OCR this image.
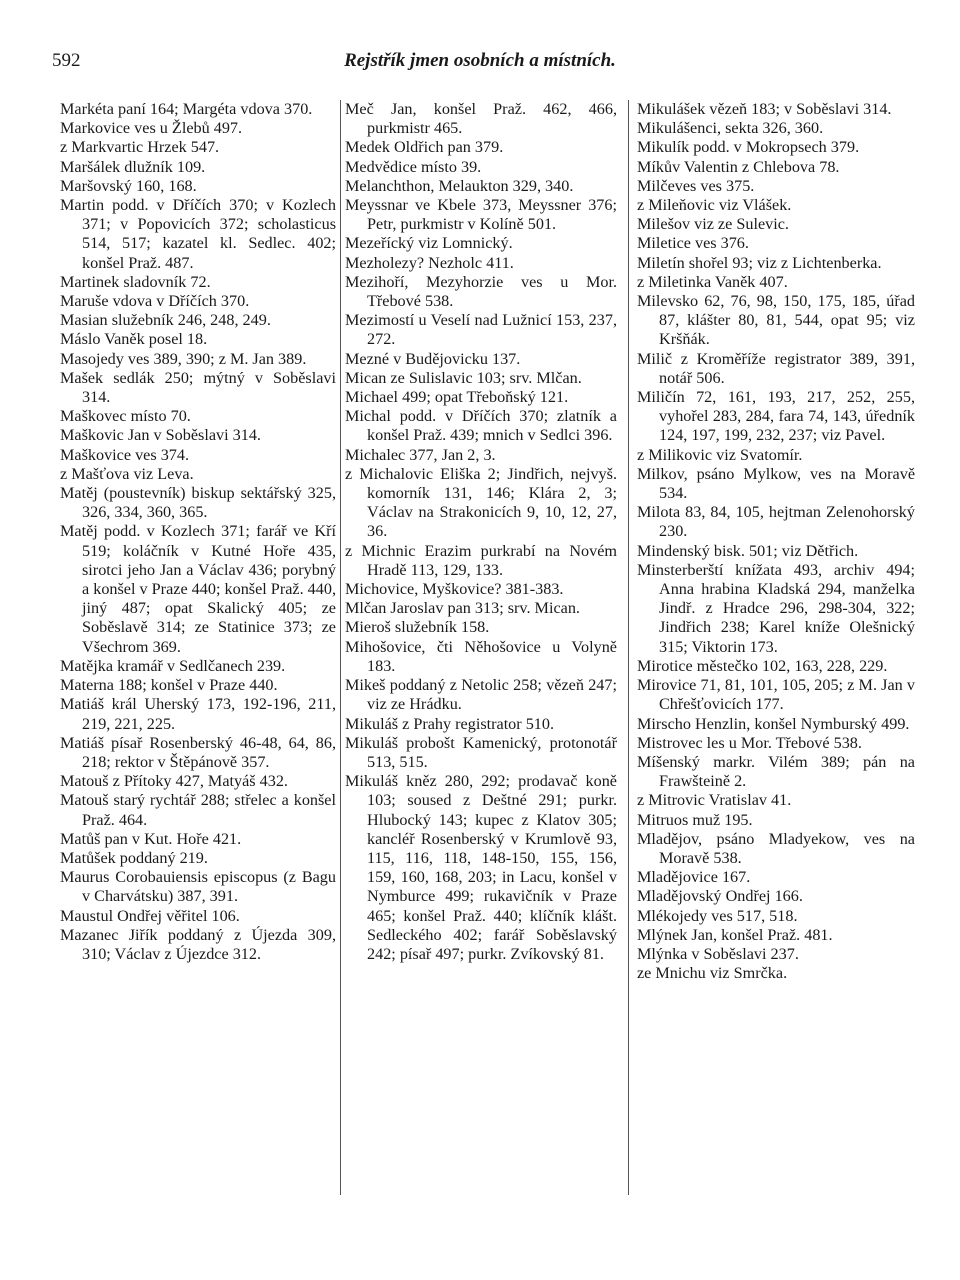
592	Rejstřík jmen osobních a místních.
Markéta paní 164; Margéta vdova 370.
Markovice ves u Žlebů 497.
z Markvartic Hrzek 547.
Maršálek dlužník 109.
Maršovský 160, 168.
Martin podd. v Dříčích 370; v Kozlech 371; v Popovicích 372; scholasticus 514, 517; kazatel kl. Sedlec. 402; konšel Praž. 487.
Martinek sladovník 72.
Maruše vdova v Dříčích 370.
Masian služebník 246, 248, 249.
Máslo Vaněk posel 18.
Masojedy ves 389, 390; z M. Jan 389.
Mašek sedlák 250; mýtný v Soběslavi 314.
Maškovec místo 70.
Maškovic Jan v Soběslavi 314.
Maškovice ves 374.
z Mašťova viz Leva.
Matěj (poustevník) biskup sektářský 325, 326, 334, 360, 365.
Matěj podd. v Kozlech 371; farář ve Kří 519; koláčník v Kutné Hoře 435, sirotci jeho Jan a Václav 436; porybný a konšel v Praze 440; konšel Praž. 440, jiný 487; opat Skalický 405; ze Soběslavě 314; ze Statinice 373; ze Všechrom 369.
Matějka kramář v Sedlčanech 239.
Materna 188; konšel v Praze 440.
Matiáš král Uherský 173, 192-196, 211, 219, 221, 225.
Matiáš písař Rosenberský 46-48, 64, 86, 218; rektor v Štěpánově 357.
Matouš z Přítoky 427, Matyáš 432.
Matouš starý rychtář 288; střelec a konšel Praž. 464.
Matůš pan v Kut. Hoře 421.
Matůšek poddaný 219.
Maurus Corobauiensis episcopus (z Bagu v Charvátsku) 387, 391.
Maustul Ondřej věřitel 106.
Mazanec Jiřík poddaný z Újezda 309, 310; Václav z Újezdce 312.
Meč Jan, konšel Praž. 462, 466, purkmistr 465.
Medek Oldřich pan 379.
Medvědice místo 39.
Melanchthon, Melaukton 329, 340.
Meyssnar ve Kbele 373, Meyssner 376; Petr, purkmistr v Kolíně 501.
Mezeřícký viz Lomnický.
Mezholezy? Nezholc 411.
Mezihoří, Mezyhorzie ves u Mor. Třebové 538.
Mezimostí u Veselí nad Lužnicí 153, 237, 272.
Mezné v Budějovicku 137.
Mican ze Sulislavic 103; srv. Mlčan.
Michael 499; opat Třeboňský 121.
Michal podd. v Dříčích 370; zlatník a konšel Praž. 439; mnich v Sedlci 396.
Michalec 377, Jan 2, 3.
z Michalovic Eliška 2; Jindřich, nejvyš. komorník 131, 146; Klára 2, 3; Václav na Strakonicích 9, 10, 12, 27, 36.
z Michnic Erazim purkrabí na Novém Hradě 113, 129, 133.
Michovice, Myškovice? 381-383.
Mlčan Jaroslav pan 313; srv. Mican.
Mieroš služebník 158.
Mihošovice, čti Něhošovice u Volyně 183.
Mikeš poddaný z Netolic 258; vězeň 247; viz ze Hrádku.
Mikuláš z Prahy registrator 510.
Mikuláš probošt Kamenický, protonotář 513, 515.
Mikuláš kněz 280, 292; prodavač koně 103; soused z Deštné 291; purkr. Hlubocký 143; kupec z Klatov 305; kancléř Rosenberský v Krumlově 93, 115, 116, 118, 148-150, 155, 156, 159, 160, 168, 203; in Lacu, konšel v Nymburce 499; rukavičník v Praze 465; konšel Praž. 440; klíčník klášt. Sedleckého 402; farář Soběslavský 242; písař 497; purkr. Zvíkovský 81.
Mikulášek vězeň 183; v Soběslavi 314.
Mikulášenci, sekta 326, 360.
Mikulík podd. v Mokropsech 379.
Míkův Valentin z Chlebova 78.
Milčeves ves 375.
z Mileňovic viz Vlášek.
Milešov viz ze Sulevic.
Miletice ves 376.
Miletín shořel 93; viz z Lichtenberka.
z Miletinka Vaněk 407.
Milevsko 62, 76, 98, 150, 175, 185, úřad 87, klášter 80, 81, 544, opat 95; viz Kršňák.
Milič z Kroměříže registrator 389, 391, notář 506.
Miličín 72, 161, 193, 217, 252, 255, vyhořel 283, 284, fara 74, 143, úředník 124, 197, 199, 232, 237; viz Pavel.
z Milikovic viz Svatomír.
Milkov, psáno Mylkow, ves na Moravě 534.
Milota 83, 84, 105, hejtman Zelenohorský 230.
Mindenský bisk. 501; viz Dětřich.
Minsterberští knížata 493, archiv 494; Anna hrabina Kladská 294, manželka Jindř. z Hradce 296, 298-304, 322; Jindřich 238; Karel kníže Olešnický 315; Viktorin 173.
Mirotice městečko 102, 163, 228, 229.
Mirovice 71, 81, 101, 105, 205; z M. Jan v Chřešťovicích 177.
Mirscho Henzlin, konšel Nymburský 499.
Mistrovec les u Mor. Třebové 538.
Míšenský markr. Vilém 389; pán na Frawšteině 2.
z Mitrovic Vratislav 41.
Mitruos muž 195.
Mladějov, psáno Mladyekow, ves na Moravě 538.
Mladějovice 167.
Mladějovský Ondřej 166.
Mlékojedy ves 517, 518.
Mlýnek Jan, konšel Praž. 481.
Mlýnka v Soběslavi 237.
ze Mnichu viz Smrčka.
